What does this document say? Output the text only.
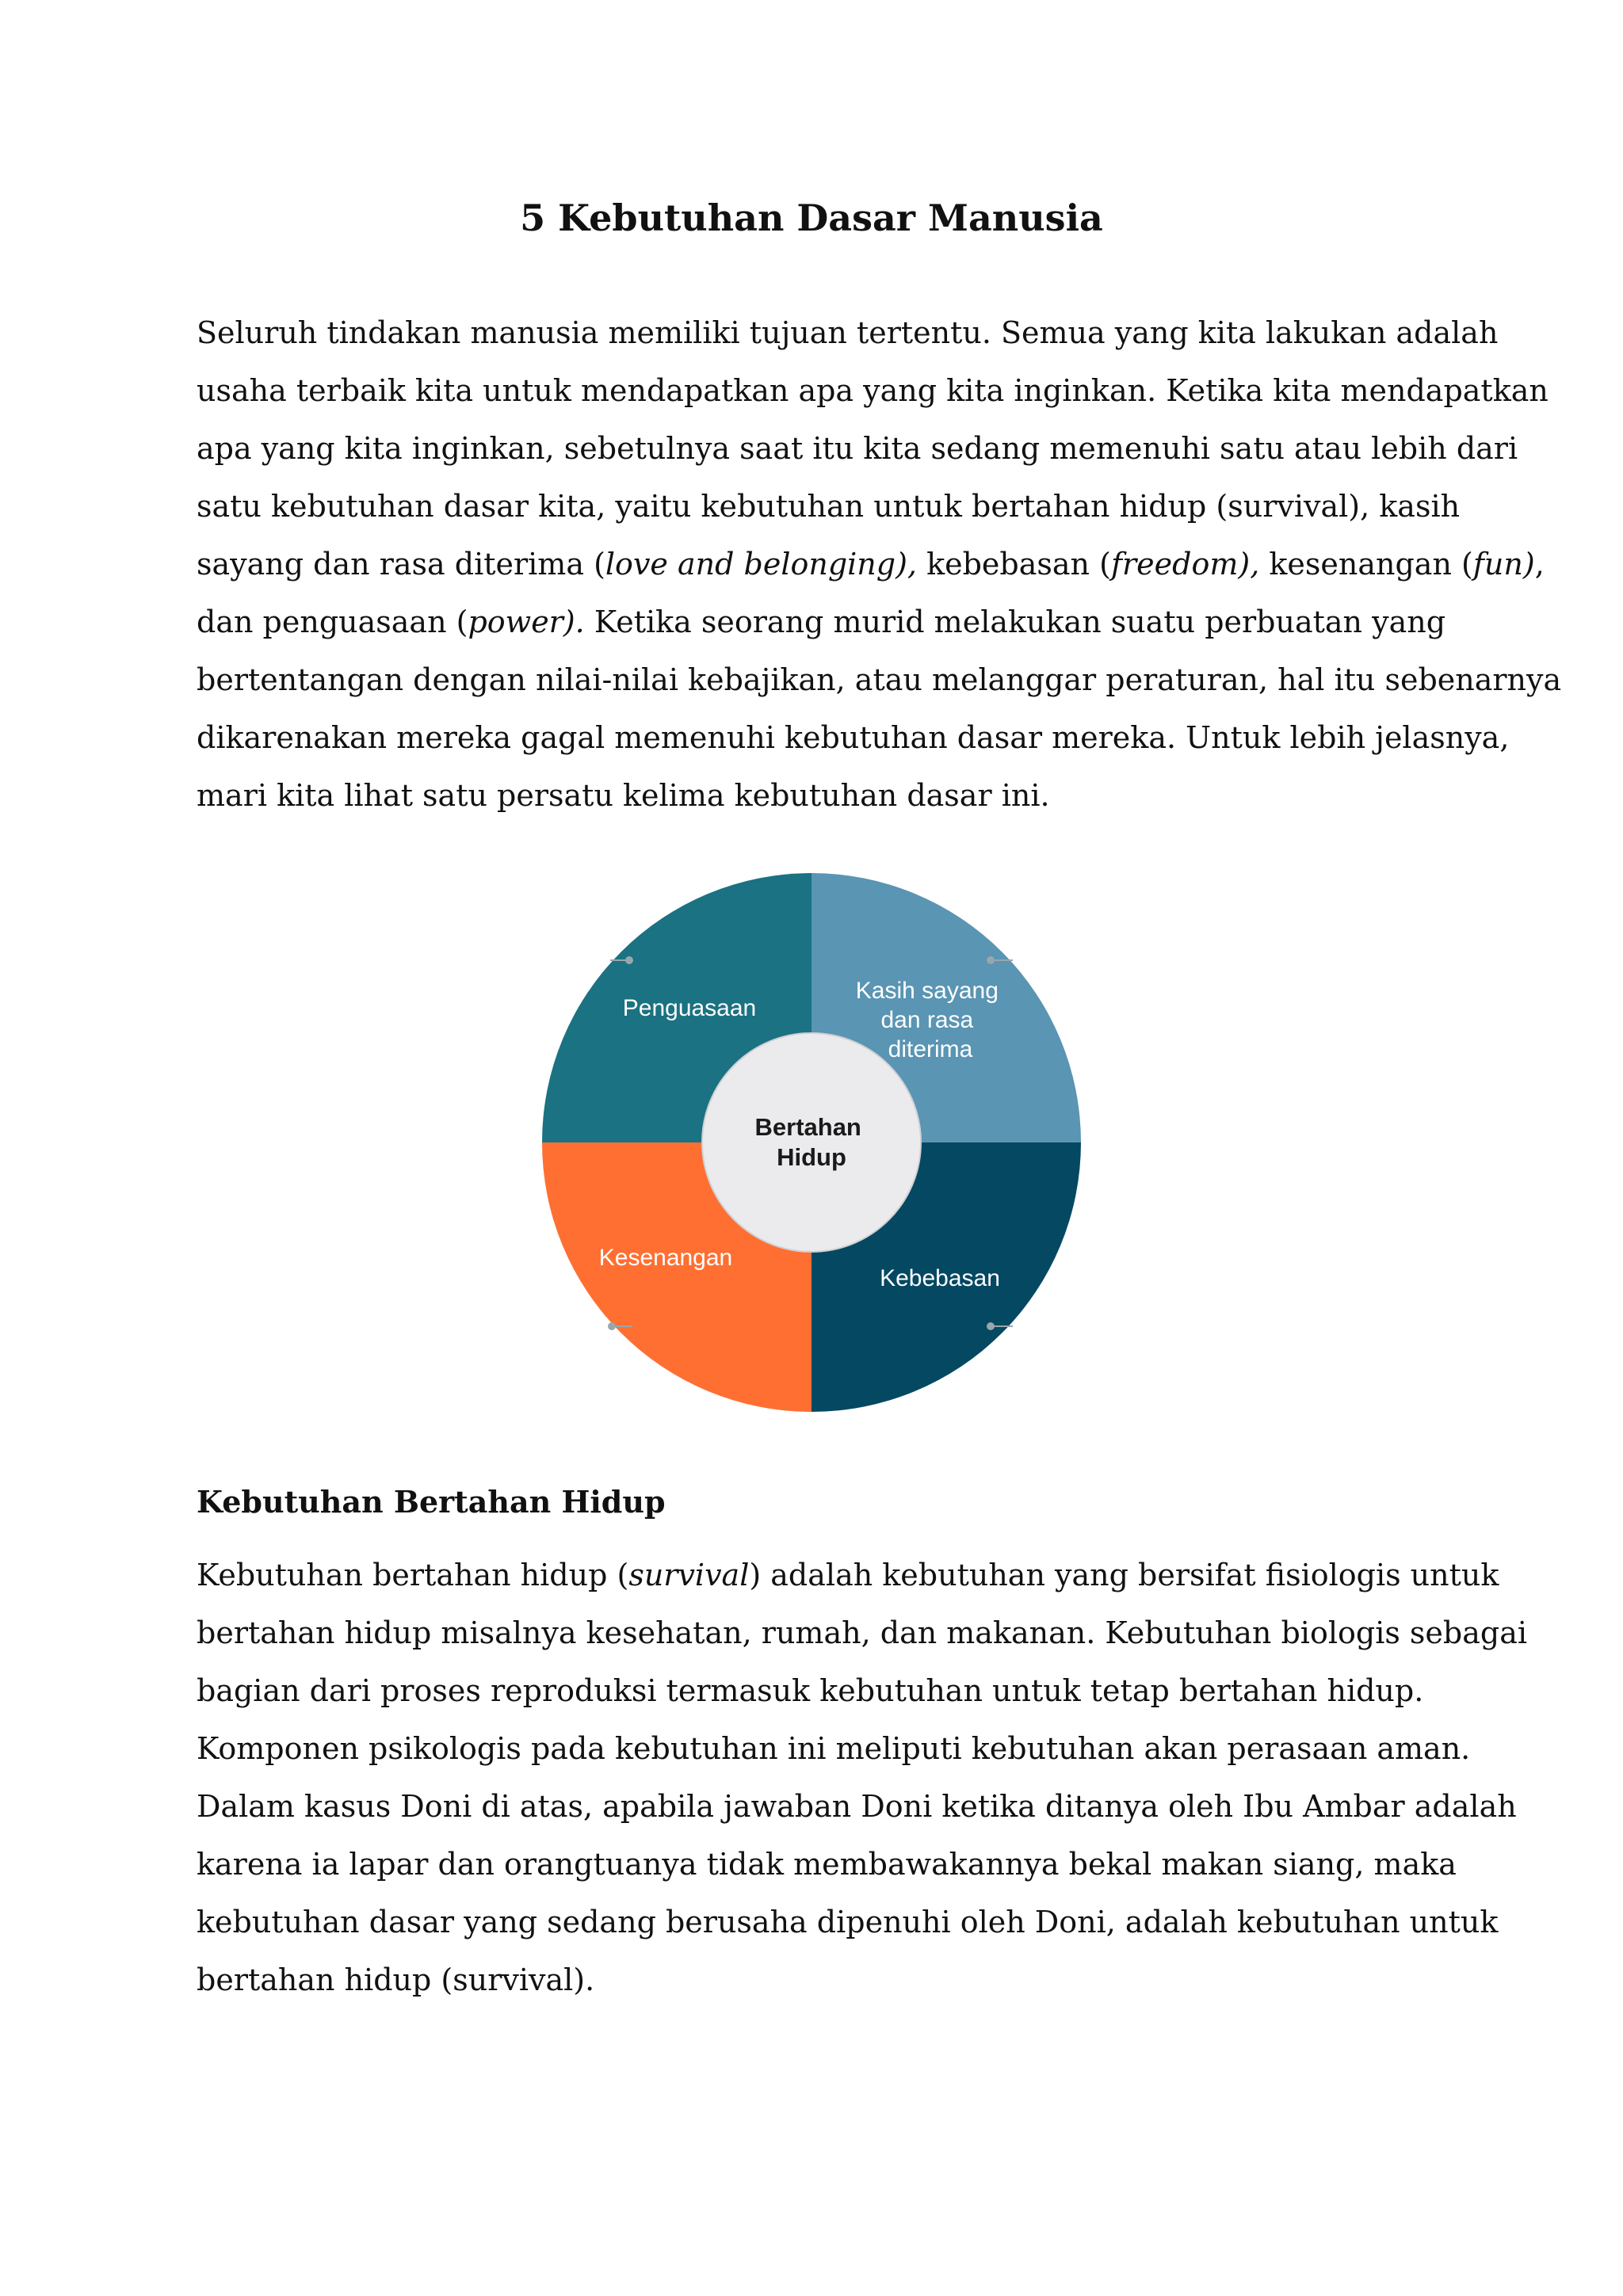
5 Kebutuhan Dasar Manusia
Seluruh tindakan manusia memiliki tujuan tertentu. Semua yang kita lakukan adalah
usaha terbaik kita untuk mendapatkan apa yang kita inginkan. Ketika kita mendapatkan
apa yang kita inginkan, sebetulnya saat itu kita sedang memenuhi satu atau lebih dari
satu kebutuhan dasar kita, yaitu kebutuhan untuk bertahan hidup (survival), kasih
sayang dan rasa diterima (love and belonging), kebebasan (freedom), kesenangan (fun),
dan penguasaan (power). Ketika seorang murid melakukan suatu perbuatan yang
bertentangan dengan nilai-nilai kebajikan, atau melanggar peraturan, hal itu sebenarnya
dikarenakan mereka gagal memenuhi kebutuhan dasar mereka. Untuk lebih jelasnya,
mari kita lihat satu persatu kelima kebutuhan dasar ini.
Penguasaan
Kasih sayang dan rasa diterima
Kebebasan
Kesenangan
Bertahan Hidup
Kebutuhan Bertahan Hidup
Kebutuhan bertahan hidup (survival) adalah kebutuhan yang bersifat fisiologis untuk
bertahan hidup misalnya kesehatan, rumah, dan makanan. Kebutuhan biologis sebagai
bagian dari proses reproduksi termasuk kebutuhan untuk tetap bertahan hidup.
Komponen psikologis pada kebutuhan ini meliputi kebutuhan akan perasaan aman.
Dalam kasus Doni di atas, apabila jawaban Doni ketika ditanya oleh Ibu Ambar adalah
karena ia lapar dan orangtuanya tidak membawakannya bekal makan siang, maka
kebutuhan dasar yang sedang berusaha dipenuhi oleh Doni, adalah kebutuhan untuk
bertahan hidup (survival).
